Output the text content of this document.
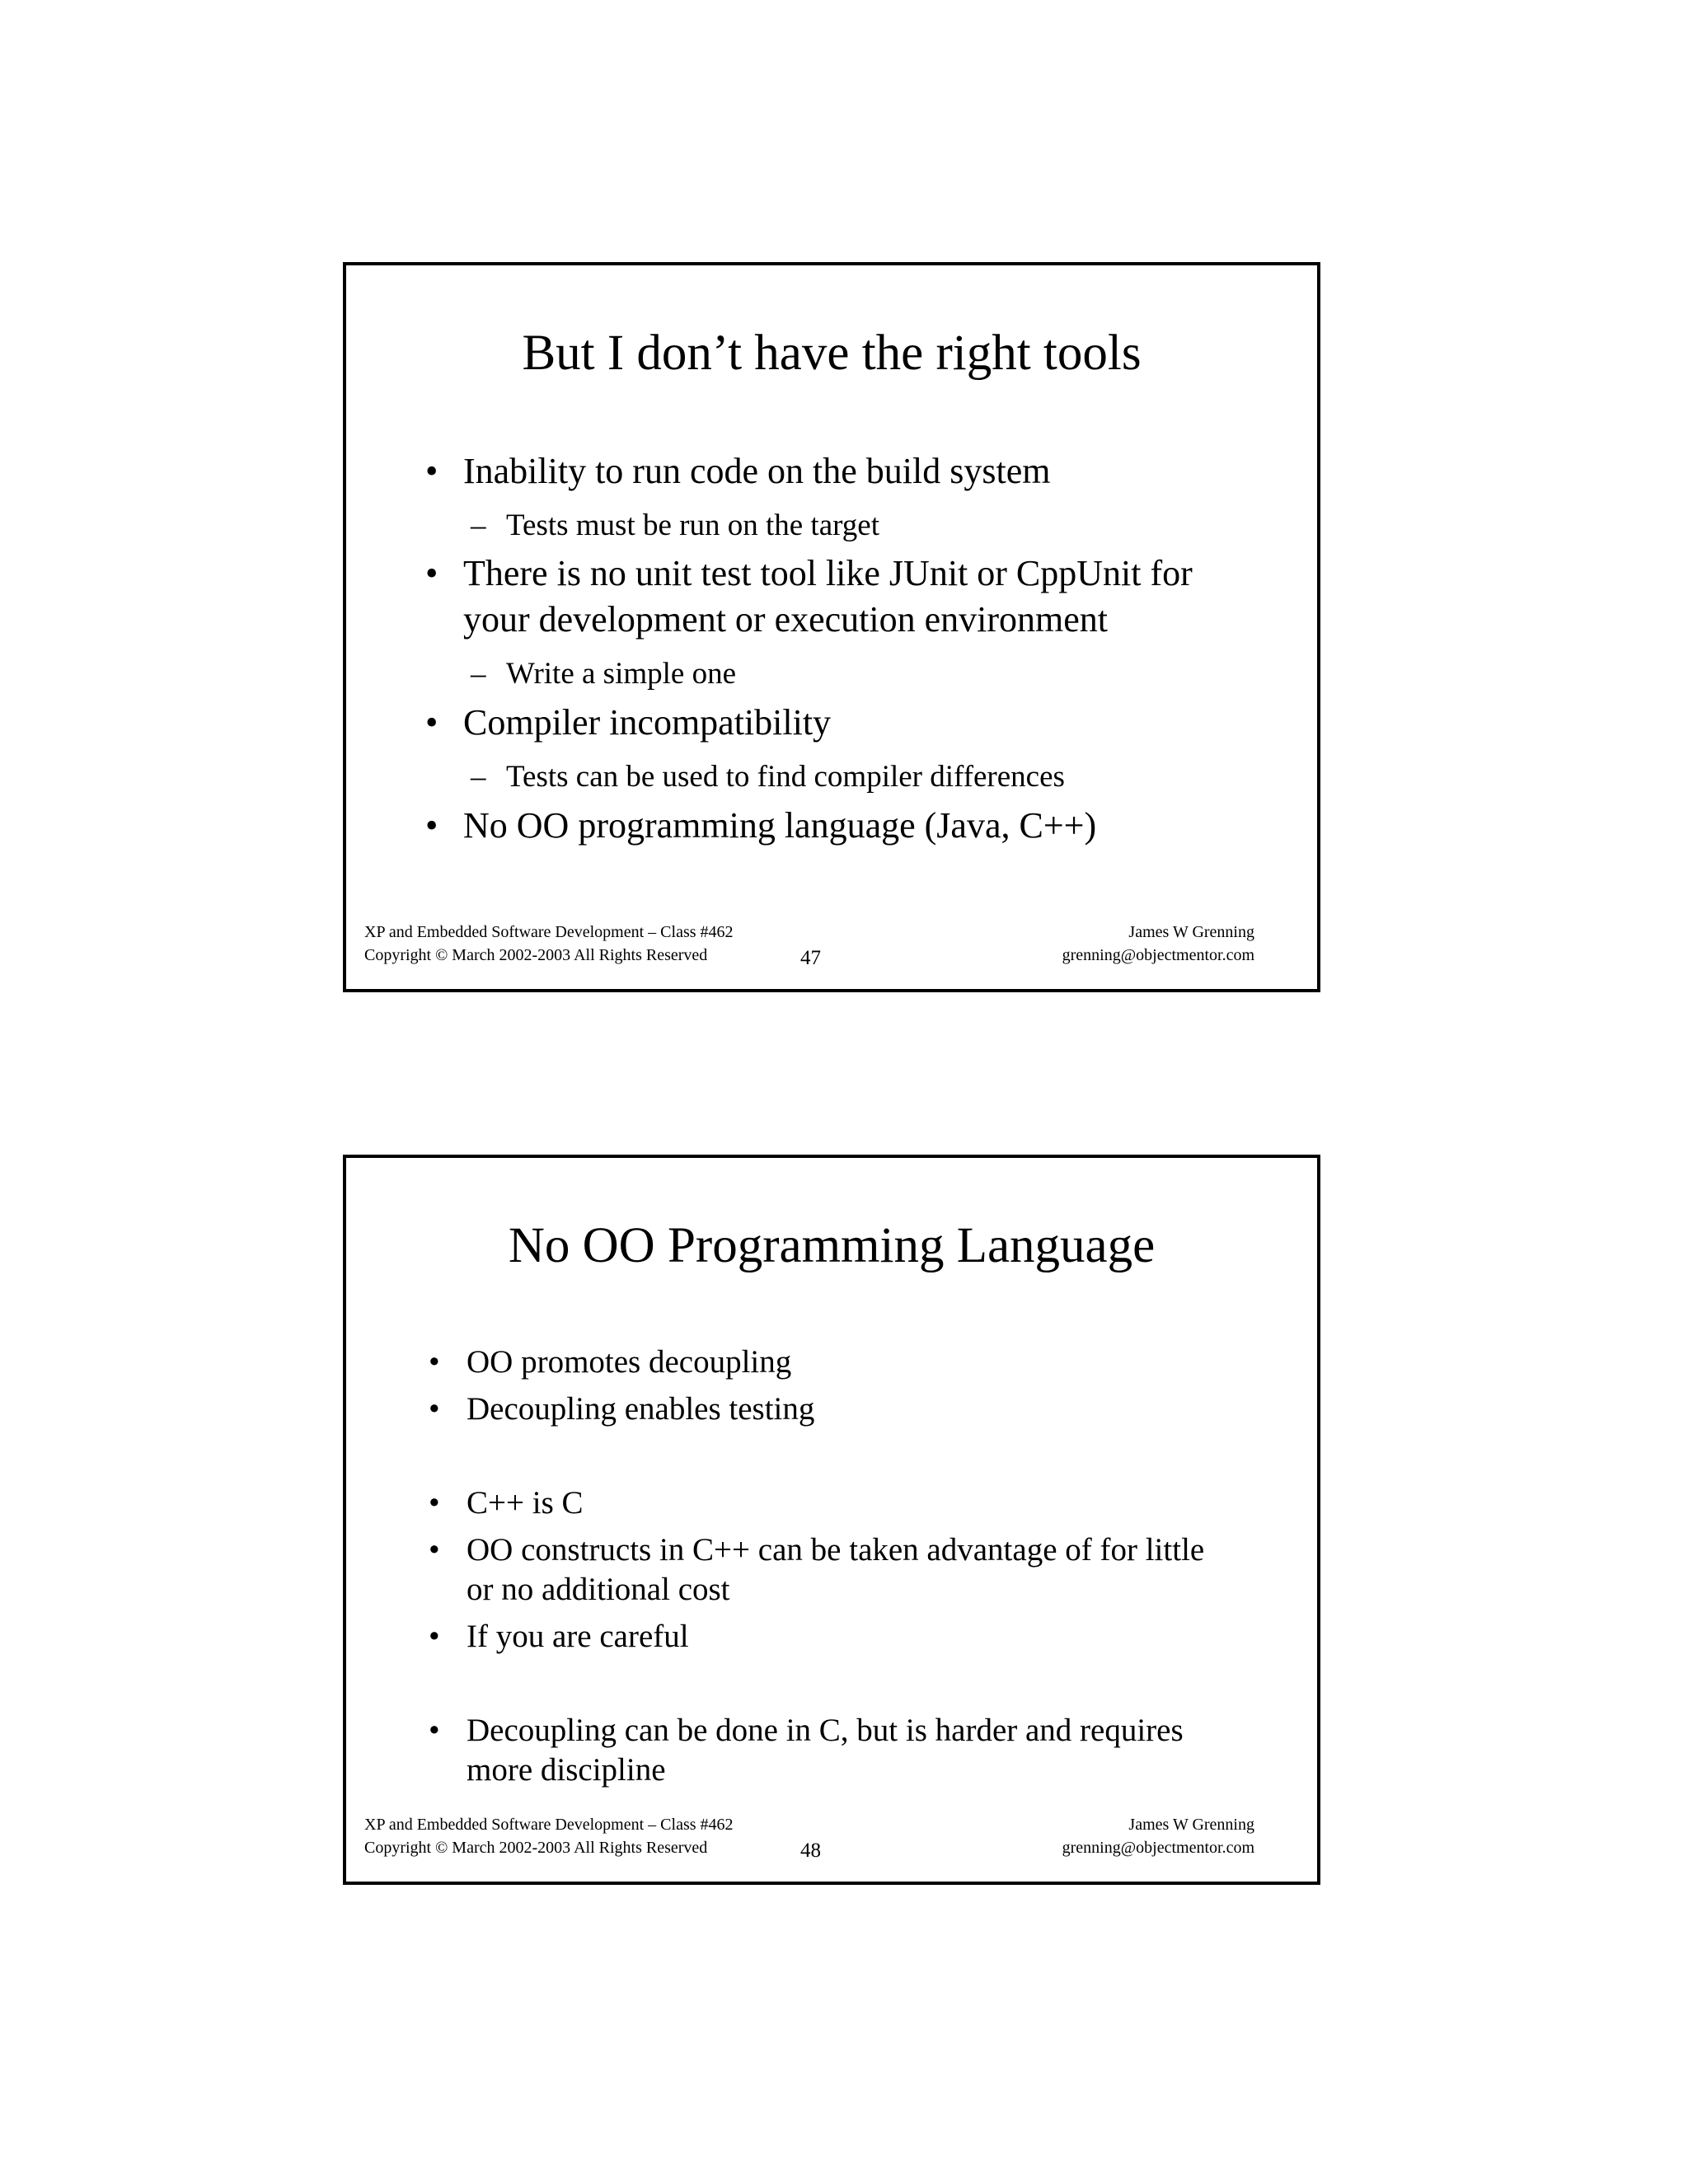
But I don’t have the right tools
• Inability to run code on the build system
– Tests must be run on the target
• There is no unit test tool like JUnit or CppUnit for
your development or execution environment
– Write a simple one
• Compiler incompatibility
– Tests can be used to find compiler differences
• No OO programming language (Java, C++)
XP and Embedded Software Development – Class #462
Copyright © March 2002-2003 All Rights Reserved	47
James W Grenning
grenning@objectmentor.com
No OO Programming Language
• OO promotes decoupling
• Decoupling enables testing
• C++ is C
• OO constructs in C++ can be taken advantage of for little
or no additional cost
• If you are careful
• Decoupling can be done in C, but is harder and requires
more discipline
XP and Embedded Software Development – Class #462
Copyright © March 2002-2003 All Rights Reserved	48
James W Grenning
grenning@objectmentor.com
